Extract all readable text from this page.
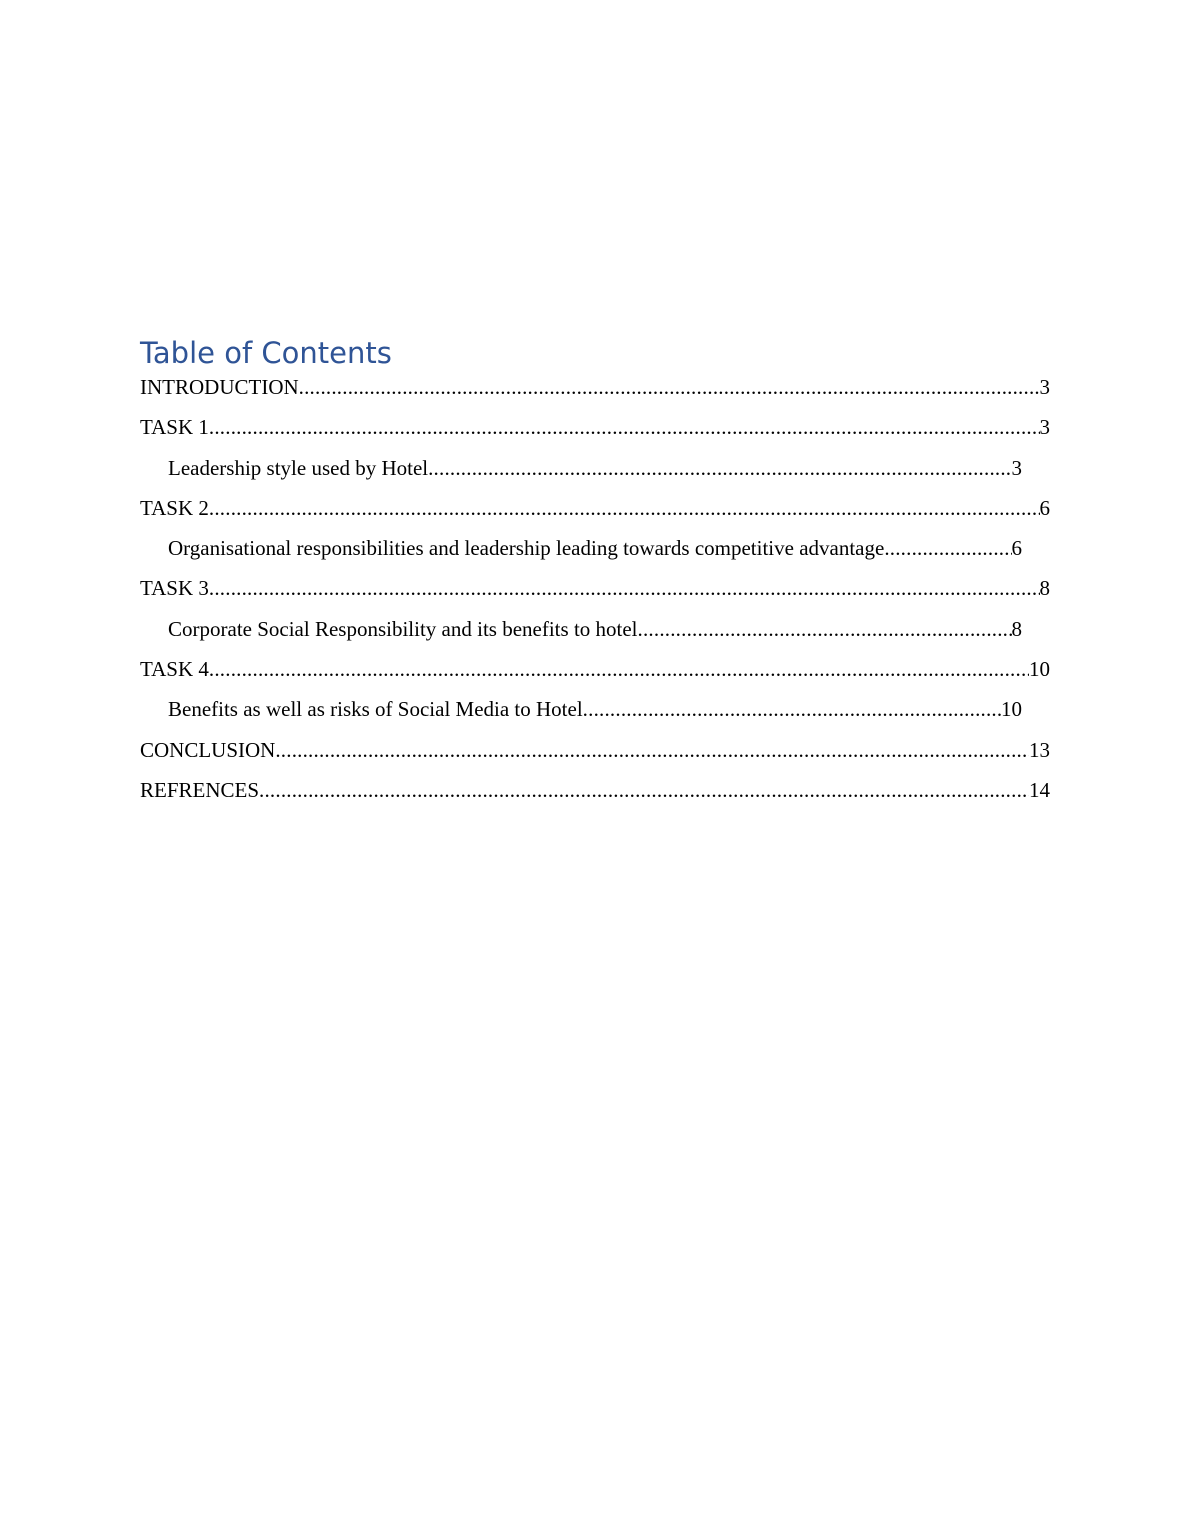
Table of Contents
INTRODUCTION .....	3
TASK 1 .....	3
Leadership style used by Hotel .....	3
TASK 2 .....	6
Organisational responsibilities and leadership leading towards competitive advantage .....	6
TASK 3 .....	8
Corporate Social Responsibility and its benefits to hotel .....	8
TASK 4 .....	10
Benefits as well as risks of Social Media to Hotel .....	10
CONCLUSION .....	13
REFRENCES .....	14
